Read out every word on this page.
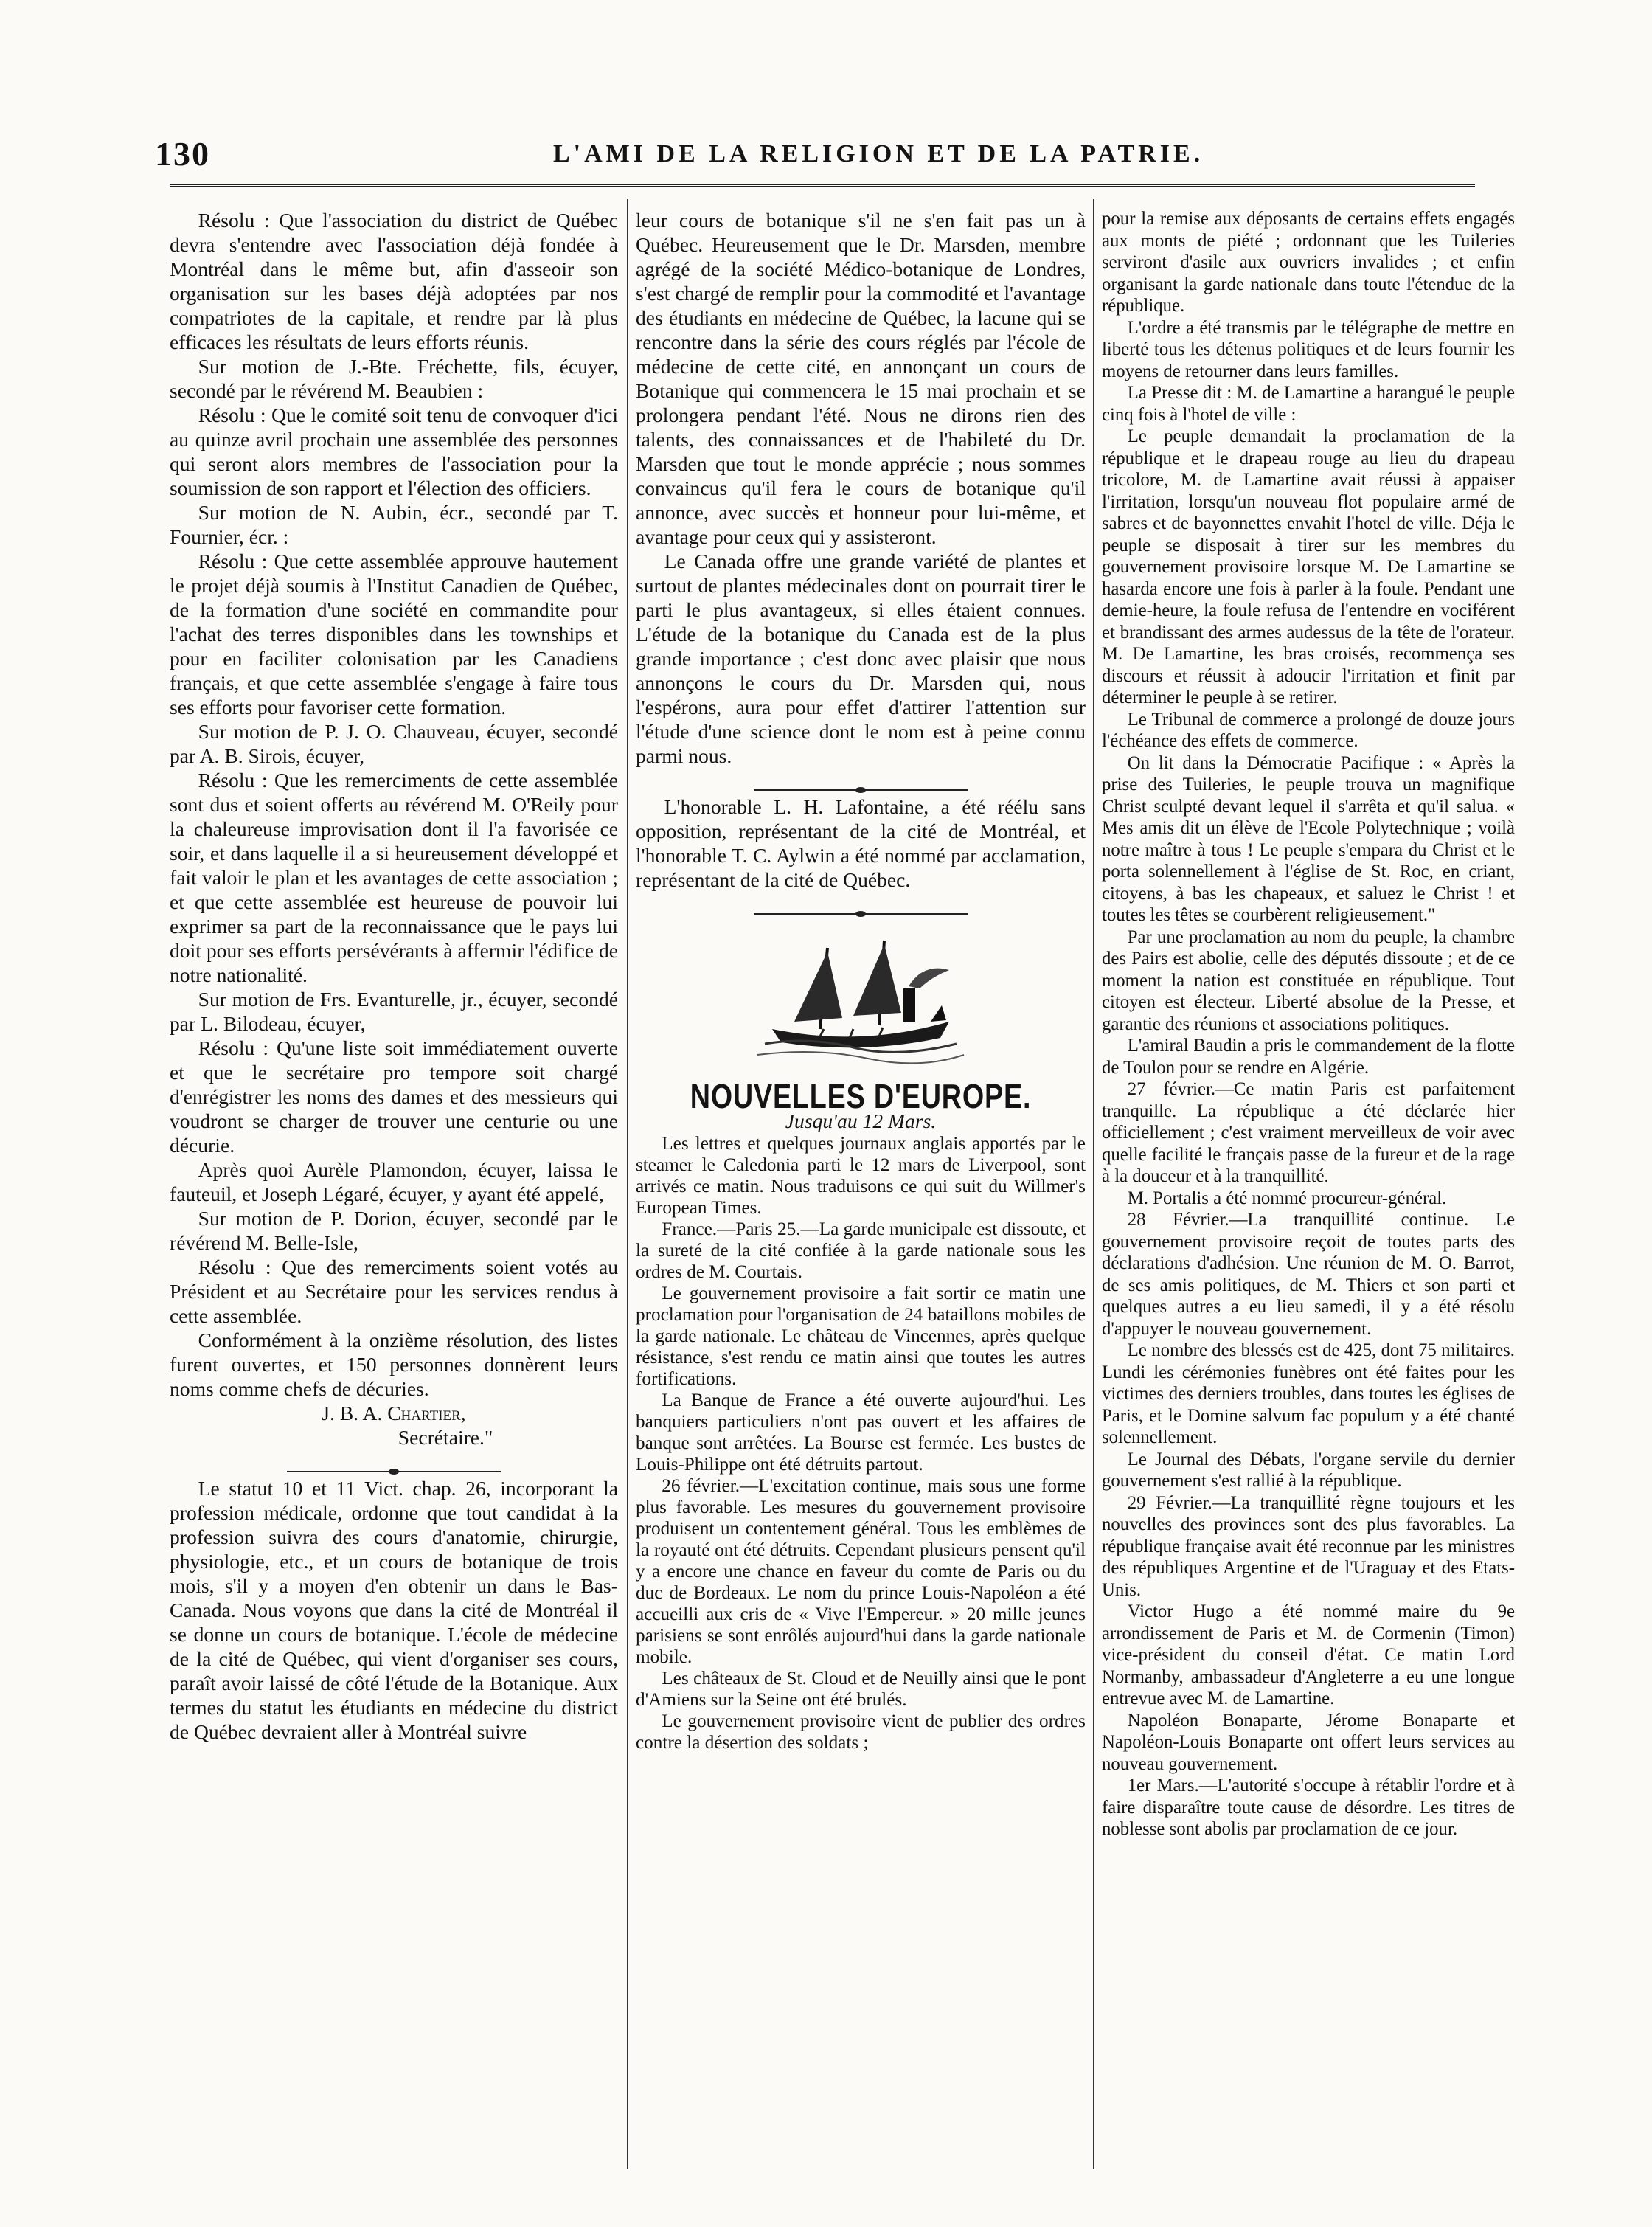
130	L'AMI DE LA RELIGION ET DE LA PATRIE.

Résolu : Que l'association du district de Québec devra s'entendre avec l'association déjà fondée à Montréal dans le même but, afin d'asseoir son organisation sur les bases déjà adoptées par nos compatriotes de la capitale, et rendre par là plus efficaces les résultats de leurs efforts réunis.

Sur motion de J.-Bte. Fréchette, fils, écuyer, secondé par le révérend M. Beaubien :

Résolu : Que le comité soit tenu de convoquer d'ici au quinze avril prochain une assemblée des personnes qui seront alors membres de l'association pour la soumission de son rapport et l'élection des officiers.

Sur motion de N. Aubin, écr., secondé par T. Fournier, écr. :

Résolu : Que cette assemblée approuve hautement le projet déjà soumis à l'Institut Canadien de Québec, de la formation d'une société en commandite pour l'achat des terres disponibles dans les townships et pour en faciliter colonisation par les Canadiens français, et que cette assemblée s'engage à faire tous ses efforts pour favoriser cette formation.

Sur motion de P. J. O. Chauveau, écuyer, secondé par A. B. Sirois, écuyer,

Résolu : Que les remerciments de cette assemblée sont dus et soient offerts au révérend M. O'Reily pour la chaleureuse improvisation dont il l'a favorisée ce soir, et dans laquelle il a si heureusement développé et fait valoir le plan et les avantages de cette association ; et que cette assemblée est heureuse de pouvoir lui exprimer sa part de la reconnaissance que le pays lui doit pour ses efforts persévérants à affermir l'édifice de notre nationalité.

Sur motion de Frs. Evanturelle, jr., écuyer, secondé par L. Bilodeau, écuyer,

Résolu : Qu'une liste soit immédiatement ouverte et que le secrétaire pro tempore soit chargé d'enrégistrer les noms des dames et des messieurs qui voudront se charger de trouver une centurie ou une décurie.

Après quoi Aurèle Plamondon, écuyer, laissa le fauteuil, et Joseph Légaré, écuyer, y ayant été appelé,

Sur motion de P. Dorion, écuyer, secondé par le révérend M. Belle-Isle,

Résolu : Que des remerciments soient votés au Président et au Secrétaire pour les services rendus à cette assemblée.

Conformément à la onzième résolution, des listes furent ouvertes, et 150 personnes donnèrent leurs noms comme chefs de décuries.

J. B. A. Chartier,

Secrétaire."

Le statut 10 et 11 Vict. chap. 26, incorporant la profession médicale, ordonne que tout candidat à la profession suivra des cours d'anatomie, chirurgie, physiologie, etc., et un cours de botanique de trois mois, s'il y a moyen d'en obtenir un dans le Bas-Canada. Nous voyons que dans la cité de Montréal il se donne un cours de botanique. L'école de médecine de la cité de Québec, qui vient d'organiser ses cours, paraît avoir laissé de côté l'étude de la Botanique. Aux termes du statut les étudiants en médecine du district de Québec devraient aller à Montréal suivre

leur cours de botanique s'il ne s'en fait pas un à Québec. Heureusement que le Dr. Marsden, membre agrégé de la société Médico-botanique de Londres, s'est chargé de remplir pour la commodité et l'avantage des étudiants en médecine de Québec, la lacune qui se rencontre dans la série des cours réglés par l'école de médecine de cette cité, en annonçant un cours de Botanique qui commencera le 15 mai prochain et se prolongera pendant l'été. Nous ne dirons rien des talents, des connaissances et de l'habileté du Dr. Marsden que tout le monde apprécie ; nous sommes convaincus qu'il fera le cours de botanique qu'il annonce, avec succès et honneur pour lui-même, et avantage pour ceux qui y assisteront.

Le Canada offre une grande variété de plantes et surtout de plantes médecinales dont on pourrait tirer le parti le plus avantageux, si elles étaient connues. L'étude de la botanique du Canada est de la plus grande importance ; c'est donc avec plaisir que nous annonçons le cours du Dr. Marsden qui, nous l'espérons, aura pour effet d'attirer l'attention sur l'étude d'une science dont le nom est à peine connu parmi nous.

L'honorable L. H. Lafontaine, a été réélu sans opposition, représentant de la cité de Montréal, et l'honorable T. C. Aylwin a été nommé par acclamation, représentant de la cité de Québec.

NOUVELLES D'EUROPE.

Jusqu'au 12 Mars.

Les lettres et quelques journaux anglais apportés par le steamer le Caledonia parti le 12 mars de Liverpool, sont arrivés ce matin. Nous traduisons ce qui suit du Willmer's European Times.

France.—Paris 25.—La garde municipale est dissoute, et la sureté de la cité confiée à la garde nationale sous les ordres de M. Courtais.

Le gouvernement provisoire a fait sortir ce matin une proclamation pour l'organisation de 24 bataillons mobiles de la garde nationale. Le château de Vincennes, après quelque résistance, s'est rendu ce matin ainsi que toutes les autres fortifications.

La Banque de France a été ouverte aujourd'hui. Les banquiers particuliers n'ont pas ouvert et les affaires de banque sont arrêtées. La Bourse est fermée. Les bustes de Louis-Philippe ont été détruits partout.

26 février.—L'excitation continue, mais sous une forme plus favorable. Les mesures du gouvernement provisoire produisent un contentement général. Tous les emblèmes de la royauté ont été détruits. Cependant plusieurs pensent qu'il y a encore une chance en faveur du comte de Paris ou du duc de Bordeaux. Le nom du prince Louis-Napoléon a été accueilli aux cris de « Vive l'Empereur. » 20 mille jeunes parisiens se sont enrôlés aujourd'hui dans la garde nationale mobile.

Les châteaux de St. Cloud et de Neuilly ainsi que le pont d'Amiens sur la Seine ont été brulés.

Le gouvernement provisoire vient de publier des ordres contre la désertion des soldats ;

pour la remise aux déposants de certains effets engagés aux monts de piété ; ordonnant que les Tuileries serviront d'asile aux ouvriers invalides ; et enfin organisant la garde nationale dans toute l'étendue de la république.

L'ordre a été transmis par le télégraphe de mettre en liberté tous les détenus politiques et de leurs fournir les moyens de retourner dans leurs familles.

La Presse dit : M. de Lamartine a harangué le peuple cinq fois à l'hotel de ville :

Le peuple demandait la proclamation de la république et le drapeau rouge au lieu du drapeau tricolore, M. de Lamartine avait réussi à appaiser l'irritation, lorsqu'un nouveau flot populaire armé de sabres et de bayonnettes envahit l'hotel de ville. Déja le peuple se disposait à tirer sur les membres du gouvernement provisoire lorsque M. De Lamartine se hasarda encore une fois à parler à la foule. Pendant une demie-heure, la foule refusa de l'entendre en vociférent et brandissant des armes audessus de la tête de l'orateur. M. De Lamartine, les bras croisés, recommença ses discours et réussit à adoucir l'irritation et finit par déterminer le peuple à se retirer.

Le Tribunal de commerce a prolongé de douze jours l'échéance des effets de commerce.

On lit dans la Démocratie Pacifique : « Après la prise des Tuileries, le peuple trouva un magnifique Christ sculpté devant lequel il s'arrêta et qu'il salua. « Mes amis dit un élève de l'Ecole Polytechnique ; voilà notre maître à tous ! Le peuple s'empara du Christ et le porta solennellement à l'église de St. Roc, en criant, citoyens, à bas les chapeaux, et saluez le Christ ! et toutes les têtes se courbèrent religieusement."

Par une proclamation au nom du peuple, la chambre des Pairs est abolie, celle des députés dissoute ; et de ce moment la nation est constituée en république. Tout citoyen est électeur. Liberté absolue de la Presse, et garantie des réunions et associations politiques.

L'amiral Baudin a pris le commandement de la flotte de Toulon pour se rendre en Algérie.

27 février.—Ce matin Paris est parfaitement tranquille. La république a été déclarée hier officiellement ; c'est vraiment merveilleux de voir avec quelle facilité le français passe de la fureur et de la rage à la douceur et à la tranquillité.

M. Portalis a été nommé procureur-général.

28 Février.—La tranquillité continue. Le gouvernement provisoire reçoit de toutes parts des déclarations d'adhésion. Une réunion de M. O. Barrot, de ses amis politiques, de M. Thiers et son parti et quelques autres a eu lieu samedi, il y a été résolu d'appuyer le nouveau gouvernement.

Le nombre des blessés est de 425, dont 75 militaires. Lundi les cérémonies funèbres ont été faites pour les victimes des derniers troubles, dans toutes les églises de Paris, et le Domine salvum fac populum y a été chanté solennellement.

Le Journal des Débats, l'organe servile du dernier gouvernement s'est rallié à la république.

29 Février.—La tranquillité règne toujours et les nouvelles des provinces sont des plus favorables. La république française avait été reconnue par les ministres des républiques Argentine et de l'Uraguay et des Etats-Unis.

Victor Hugo a été nommé maire du 9e arrondissement de Paris et M. de Cormenin (Timon) vice-président du conseil d'état. Ce matin Lord Normanby, ambassadeur d'Angleterre a eu une longue entrevue avec M. de Lamartine.

Napoléon Bonaparte, Jérome Bonaparte et Napoléon-Louis Bonaparte ont offert leurs services au nouveau gouvernement.

1er Mars.—L'autorité s'occupe à rétablir l'ordre et à faire disparaître toute cause de désordre. Les titres de noblesse sont abolis par proclamation de ce jour.
